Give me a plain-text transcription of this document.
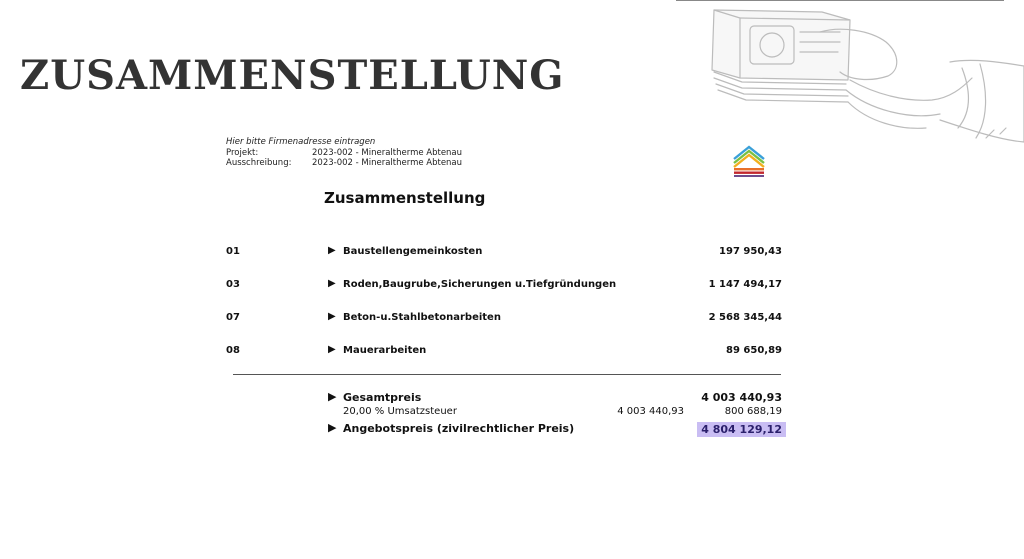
ZUSAMMENSTELLUNG
Hier bitte Firmenadresse eintragen
Projekt:	2023-002 - Mineraltherme Abtenau
Ausschreibung:	2023-002 - Mineraltherme Abtenau
Zusammenstellung
01	▶ Baustellengemeinkosten	197 950,43
03	▶ Roden,Baugrube,Sicherungen u.Tiefgründungen	1 147 494,17
07	▶ Beton-u.Stahlbetonarbeiten	2 568 345,44
08	▶ Mauerarbeiten	89 650,89
▶ Gesamtpreis	4 003 440,93
20,00 % Umsatzsteuer	4 003 440,93	800 688,19
▶ Angebotspreis (zivilrechtlicher Preis)	4 804 129,12
